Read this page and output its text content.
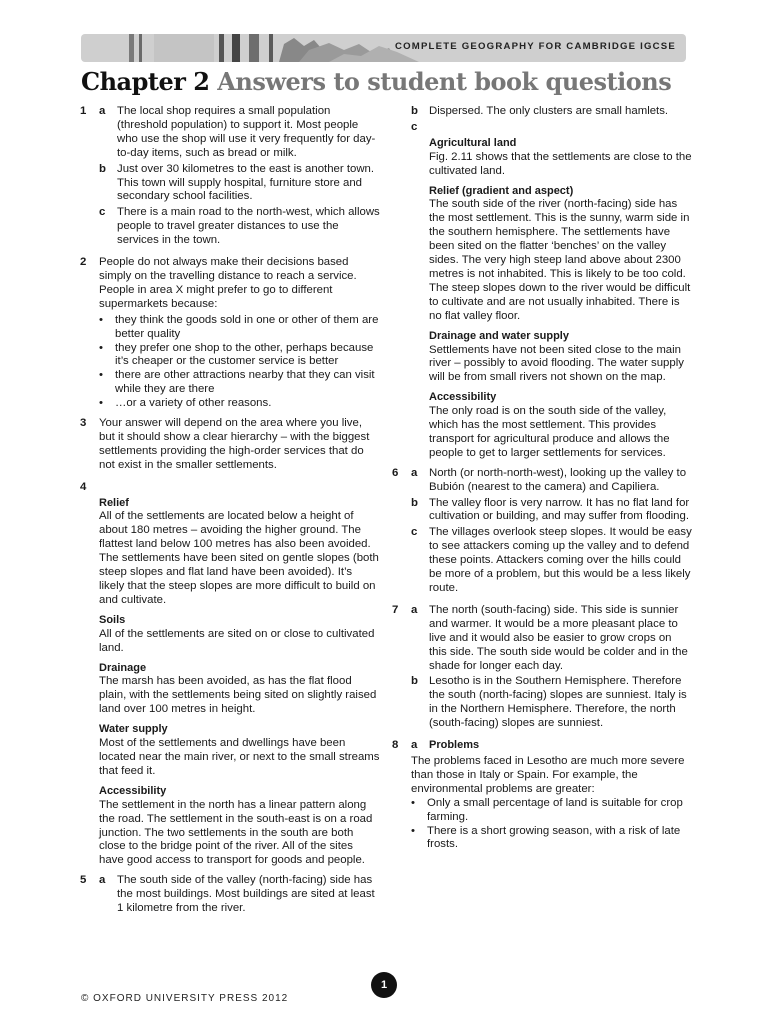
COMPLETE GEOGRAPHY FOR CAMBRIDGE IGCSE
Chapter 2 Answers to student book questions
1 a	The local shop requires a small population (threshold population) to support it. Most people who use the shop will use it very frequently for day-to-day items, such as bread or milk.
b Just over 30 kilometres to the east is another town. This town will supply hospital, furniture store and secondary school facilities.
c	There is a main road to the north-west, which allows people to travel greater distances to use the services in the town.
2	People do not always make their decisions based simply on the travelling distance to reach a service. People in area X might prefer to go to different supermarkets because:
• they think the goods sold in one or other of them are better quality
• they prefer one shop to the other, perhaps because it’s cheaper or the customer service is better
• there are other attractions nearby that they can visit while they are there
• …or a variety of other reasons.
3	Your answer will depend on the area where you live, but it should show a clear hierarchy – with the biggest settlements providing the high-order services that do not exist in the smaller settlements.
4

Relief
All of the settlements are located below a height of about 180 metres – avoiding the higher ground. The flattest land below 100 metres has also been avoided. The settlements have been sited on gentle slopes (both steep slopes and flat land have been avoided). It’s likely that the steep slopes are more difficult to build on and cultivate.
Soils
All of the settlements are sited on or close to cultivated land.
Drainage
The marsh has been avoided, as has the flat flood plain, with the settlements being sited on slightly raised land over 100 metres in height.
Water supply
Most of the settlements and dwellings have been located near the main river, or next to the small streams that feed it.
Accessibility
The settlement in the north has a linear pattern along the road. The settlement in the south-east is on a road junction. The two settlements in the south are both close to the bridge point of the river. All of the sites have good access to transport for goods and people.
5 a	The south side of the valley (north-facing) side has the most buildings. Most buildings are sited at least 1 kilometre from the river.
b Dispersed. The only clusters are small hamlets.
c

Agricultural land
Fig. 2.11 shows that the settlements are close to the cultivated land.
Relief (gradient and aspect)
The south side of the river (north-facing) side has the most settlement. This is the sunny, warm side in the southern hemisphere. The settlements have been sited on the flatter ‘benches’ on the valley sides. The very high steep land above about 2300 metres is not inhabited. This is likely to be too cold. The steep slopes down to the river would be difficult to cultivate and are not usually inhabited. There is no flat valley floor.
Drainage and water supply
Settlements have not been sited close to the main river – possibly to avoid flooding. The water supply will be from small rivers not shown on the map.
Accessibility
The only road is on the south side of the valley, which has the most settlement. This provides transport for agricultural produce and allows the people to get to larger settlements for services.
6 a	North (or north-north-west), looking up the valley to Bubión (nearest to the camera) and Capiliera.
b The valley floor is very narrow. It has no flat land for cultivation or building, and may suffer from flooding.
c	The villages overlook steep slopes. It would be easy to see attackers coming up the valley and to defend these points. Attackers coming over the hills could be more of a problem, but this would be a less likely route.
7 a	The north (south-facing) side. This side is sunnier and warmer. It would be a more pleasant place to live and it would also be easier to grow crops on this side. The south side would be colder and in the shade for longer each day.
b Lesotho is in the Southern Hemisphere. Therefore the south (north-facing) slopes are sunniest. Italy is in the Northern Hemisphere. Therefore, the north (south-facing) slopes are sunniest.
8 a	Problems
The problems faced in Lesotho are much more severe than those in Italy or Spain. For example, the environmental problems are greater:
• Only a small percentage of land is suitable for crop farming.
• There is a short growing season, with a risk of late frosts.
1
© OXFORD UNIVERSITY PRESS 2012
